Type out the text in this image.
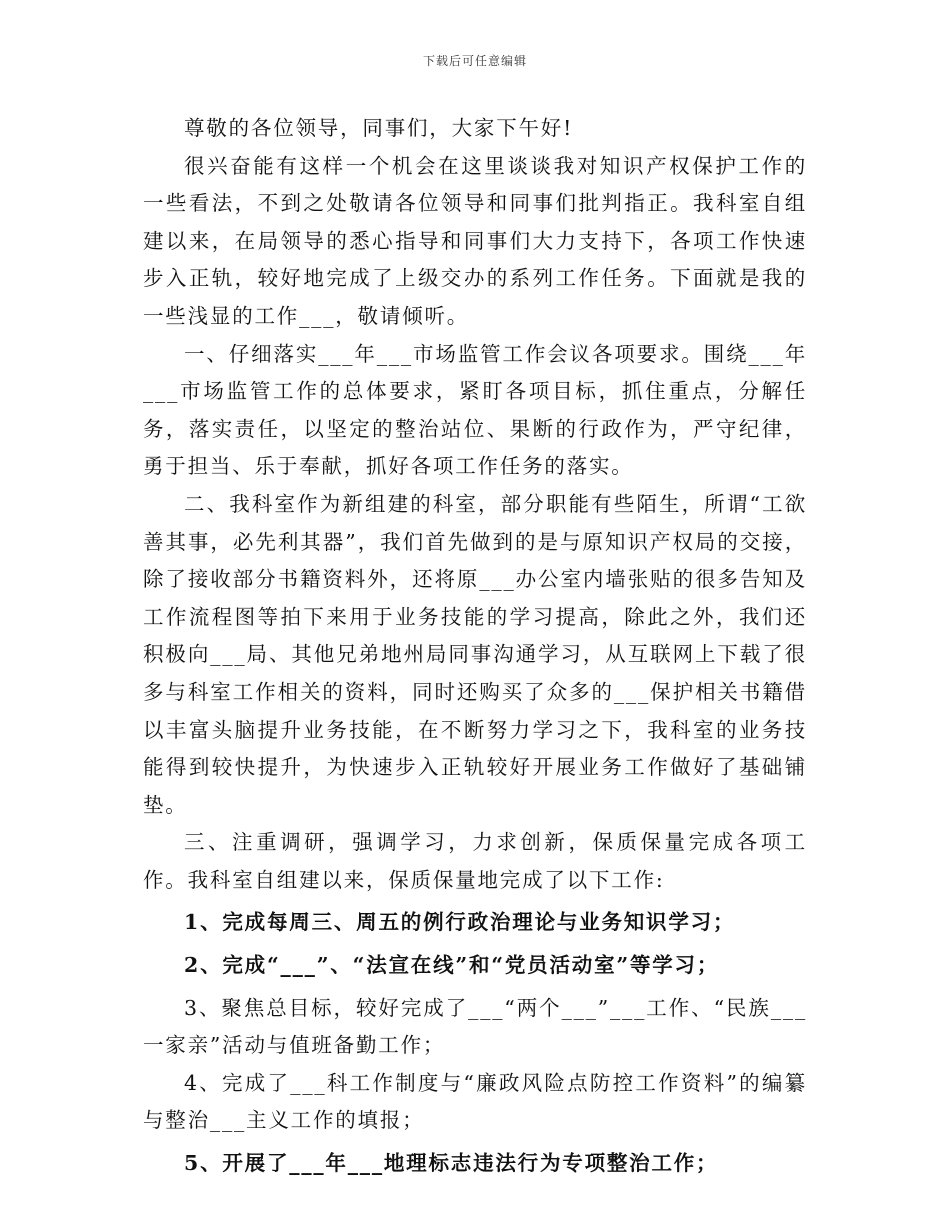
下载后可任意编辑

尊敬的各位领导，同事们，大家下午好!

很兴奋能有这样一个机会在这里谈谈我对知识产权保护工作的一些看法，不到之处敬请各位领导和同事们批判指正。我科室自组建以来，在局领导的悉心指导和同事们大力支持下，各项工作快速步入正轨，较好地完成了上级交办的系列工作任务。下面就是我的一些浅显的工作___，敬请倾听。

一、仔细落实___年___市场监管工作会议各项要求。围绕___年___市场监管工作的总体要求，紧盯各项目标，抓住重点，分解任务，落实责任，以坚定的整治站位、果断的行政作为，严守纪律，勇于担当、乐于奉献，抓好各项工作任务的落实。

二、我科室作为新组建的科室，部分职能有些陌生，所谓“工欲善其事，必先利其器”，我们首先做到的是与原知识产权局的交接，除了接收部分书籍资料外，还将原___办公室内墙张贴的很多告知及工作流程图等拍下来用于业务技能的学习提高，除此之外，我们还积极向___局、其他兄弟地州局同事沟通学习，从互联网上下载了很多与科室工作相关的资料，同时还购买了众多的___保护相关书籍借以丰富头脑提升业务技能，在不断努力学习之下，我科室的业务技能得到较快提升，为快速步入正轨较好开展业务工作做好了基础铺垫。

三、注重调研，强调学习，力求创新，保质保量完成各项工作。我科室自组建以来，保质保量地完成了以下工作:

1、完成每周三、周五的例行政治理论与业务知识学习；

2、完成“___”、“法宣在线”和“党员活动室”等学习；

3、聚焦总目标，较好完成了___“两个___”___工作、“民族___一家亲”活动与值班备勤工作；

4、完成了___科工作制度与“廉政风险点防控工作资料”的编纂与整治___主义工作的填报；

5、开展了___年___地理标志违法行为专项整治工作；
